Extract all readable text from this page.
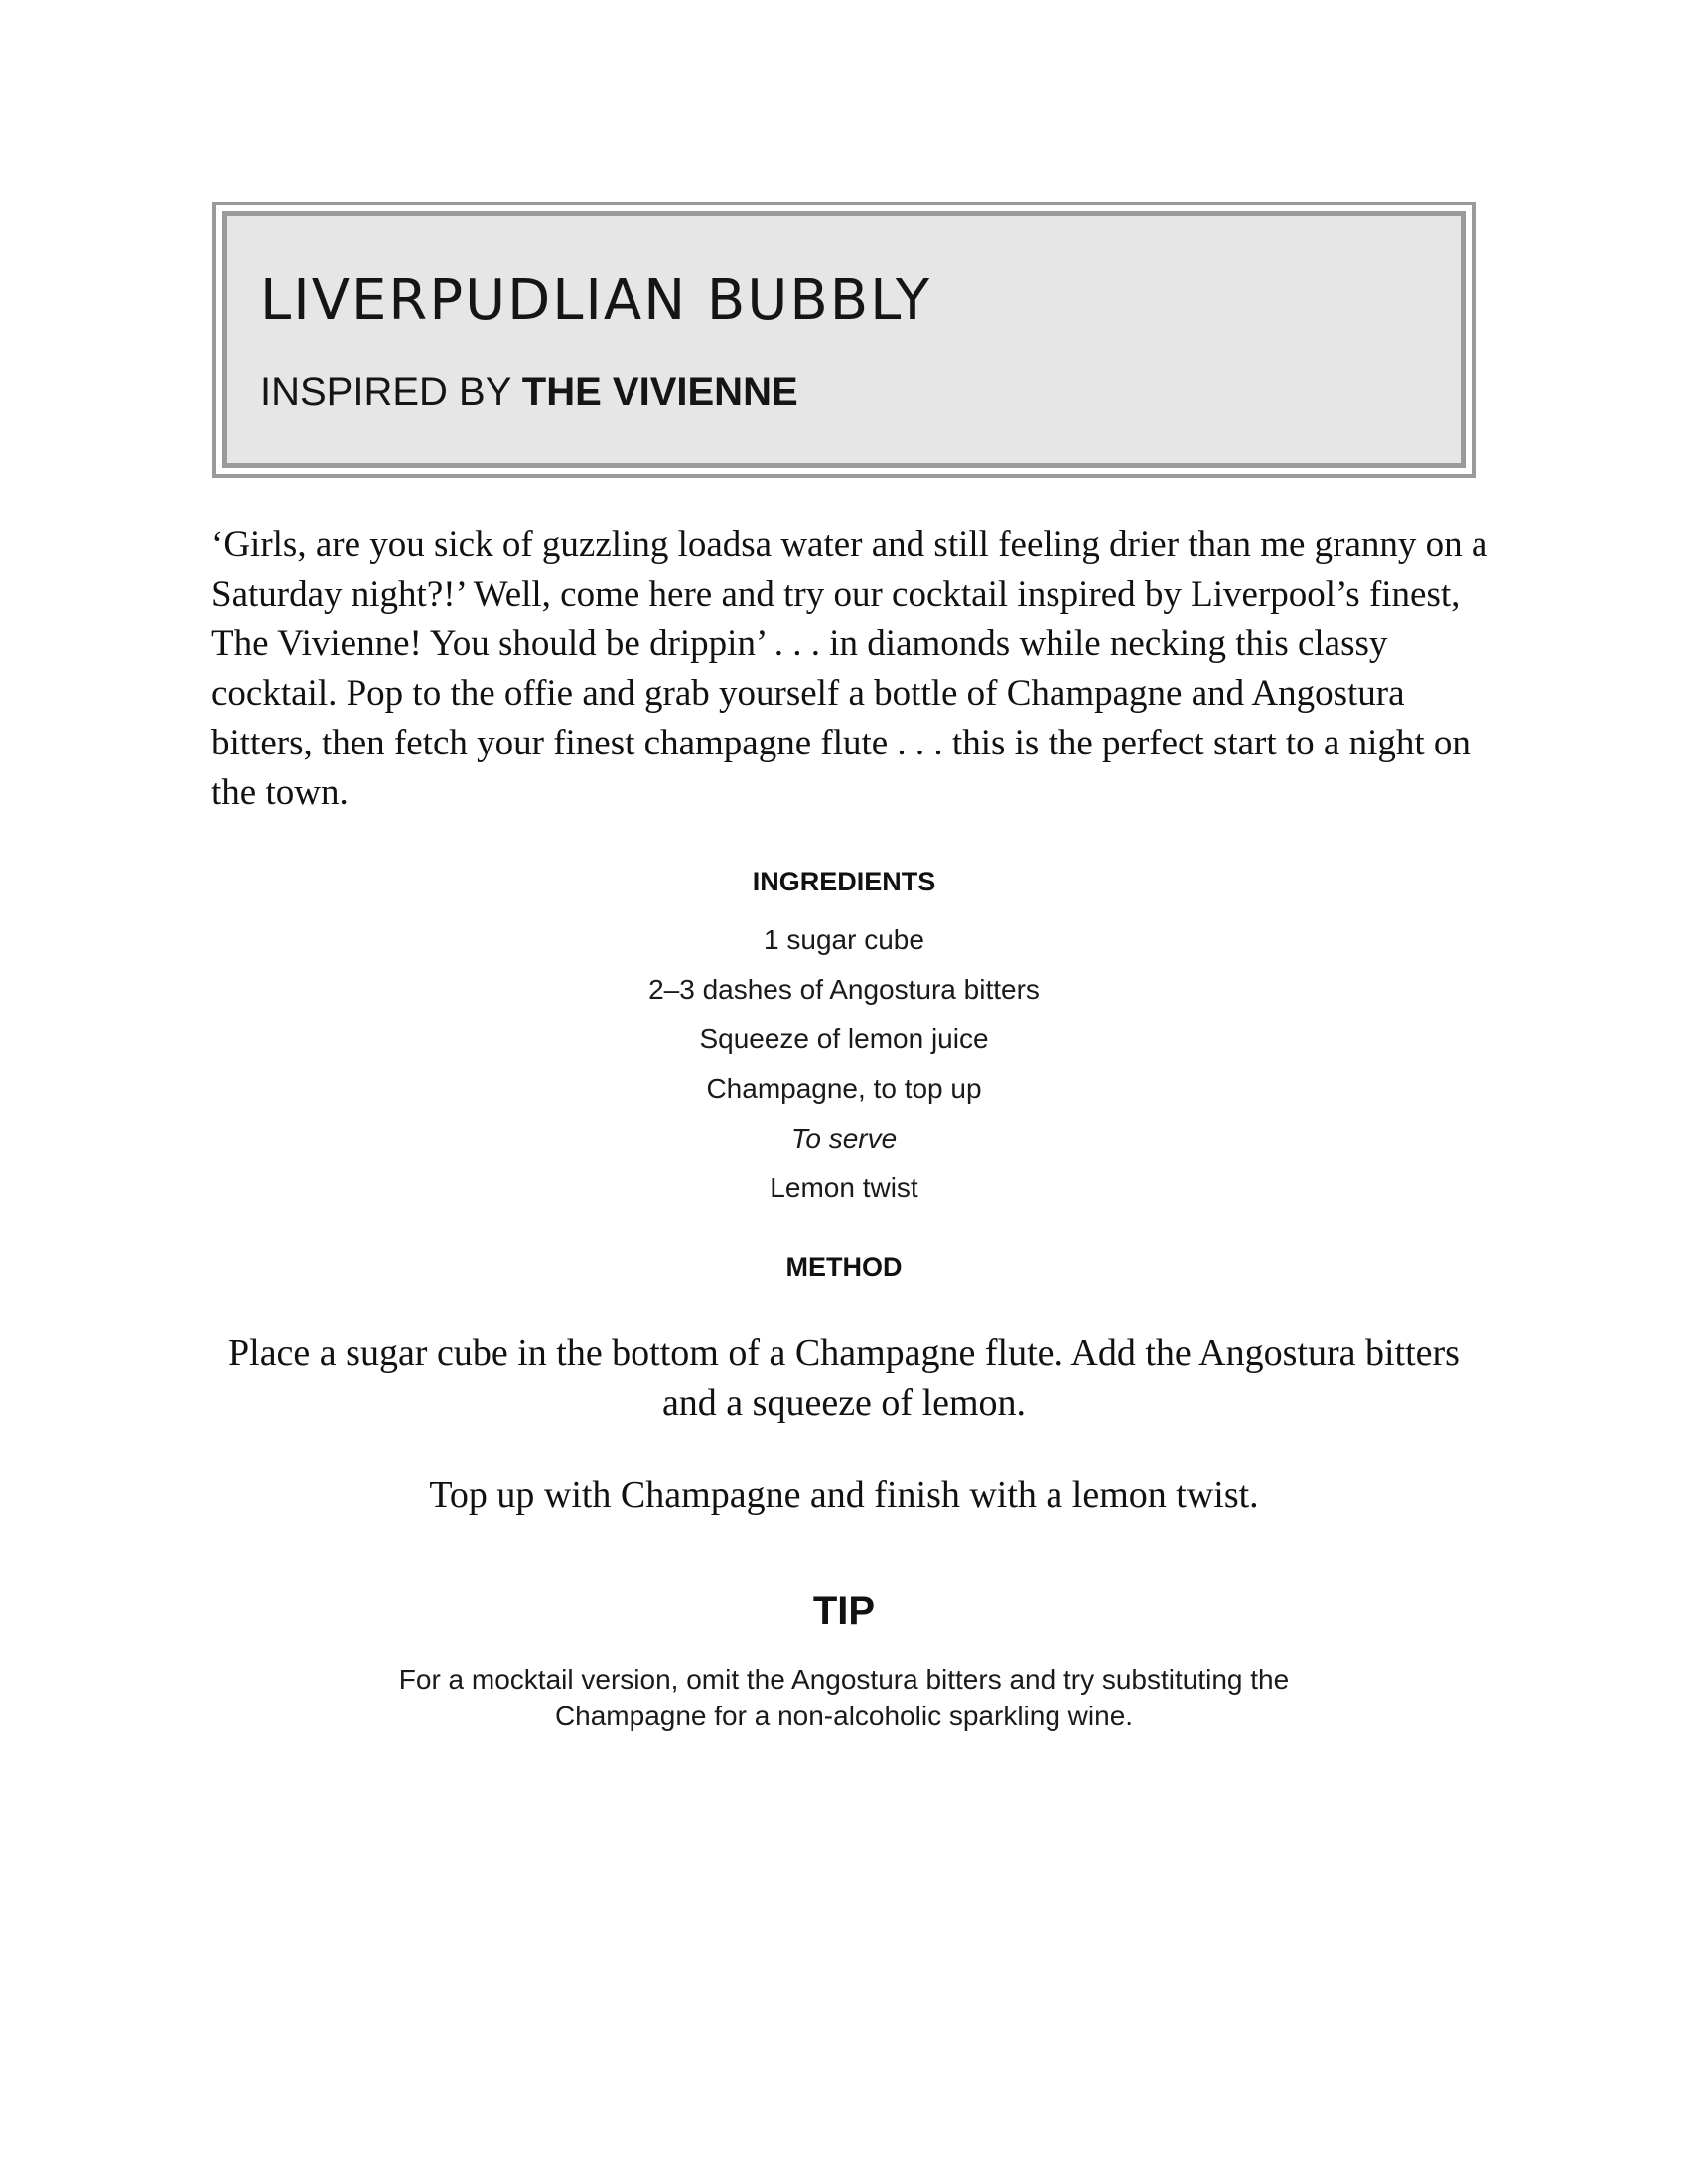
LIVERPUDLIAN BUBBLY

INSPIRED BY THE VIVIENNE

‘Girls, are you sick of guzzling loadsa water and still feeling drier than me granny on a Saturday night?!’ Well, come here and try our cocktail inspired by Liverpool’s finest, The Vivienne! You should be drippin’ . . . in diamonds while necking this classy cocktail. Pop to the offie and grab yourself a bottle of Champagne and Angostura bitters, then fetch your finest champagne flute . . . this is the perfect start to a night on the town.

INGREDIENTS
1 sugar cube
2–3 dashes of Angostura bitters
Squeeze of lemon juice
Champagne, to top up
To serve
Lemon twist
METHOD
Place a sugar cube in the bottom of a Champagne flute. Add the Angostura bitters and a squeeze of lemon.
Top up with Champagne and finish with a lemon twist.
TIP
For a mocktail version, omit the Angostura bitters and try substituting the Champagne for a non-alcoholic sparkling wine.
